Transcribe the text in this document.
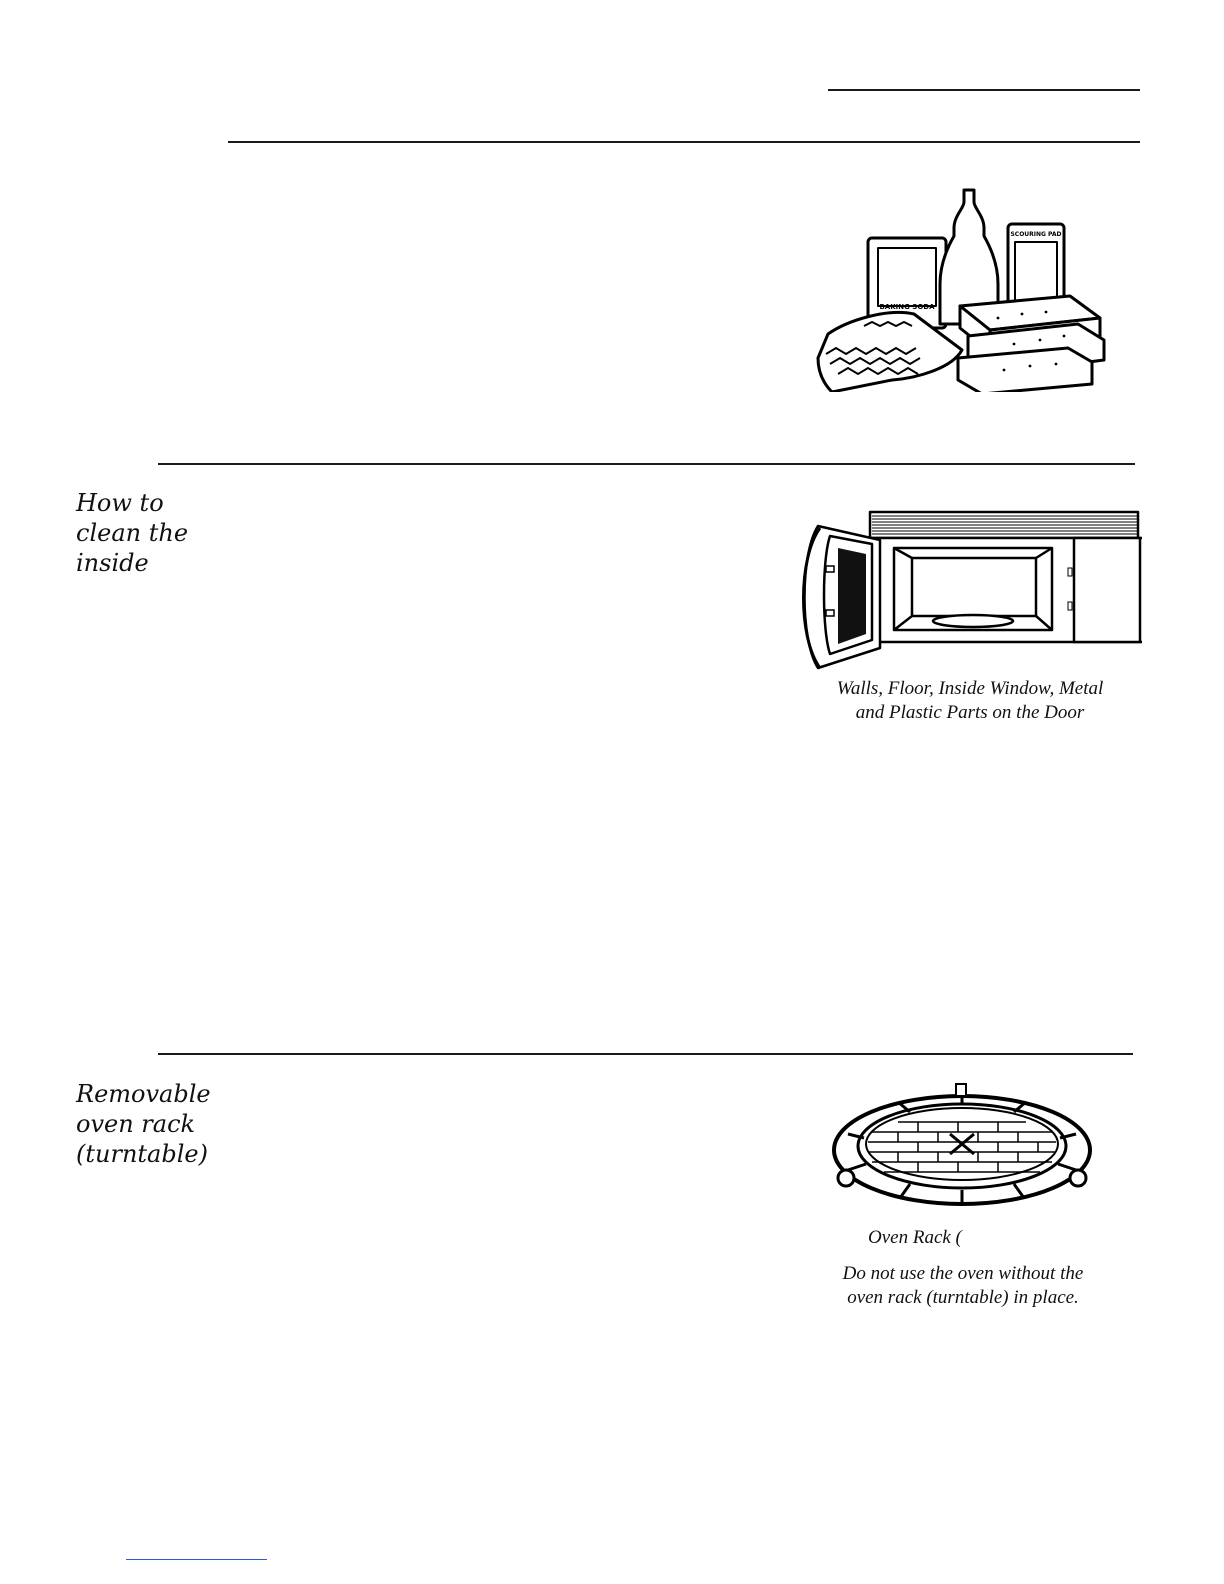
BAKING SODA
SCOURING PAD
How to
clean the
inside
Walls, Floor, Inside Window, Metal
and Plastic Parts on the Door
Removable
oven rack
(turntable)
Oven Rack (
Do not use the oven without the
oven rack (turntable) in place.
